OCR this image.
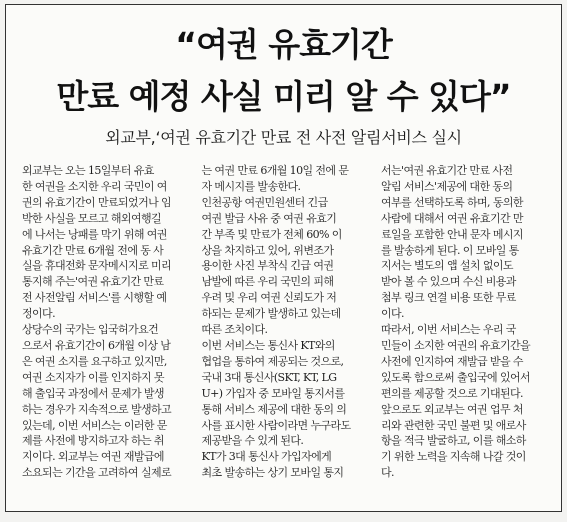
“여권 유효기간
만료 예정 사실 미리 알 수 있다”
외교부,‘여권 유효기간 만료 전 사전 알림서비스 실시

외교부는 오는 15일부터 유효
한 여권을 소지한 우리 국민이 여
권의 유효기간이 만료되었거나 임
박한 사실을 모르고 해외여행길
에 나서는 낭패를 막기 위해 여권
유효기간 만료 6개월 전에 동 사
실을 휴대전화 문자메시지로 미리
통지해 주는'여권 유효기간 만료
전 사전알림 서비스'를 시행할 예
정이다.

상당수의 국가는 입국허가요건
으로서 유효기간이 6개월 이상 남
은 여권 소지를 요구하고 있지만,
여권 소지자가 이를 인지하지 못
해 출입국 과정에서 문제가 발생
하는 경우가 지속적으로 발생하고
있는데, 이번 서비스는 이러한 문
제를 사전에 방지하고자 하는 취
지이다. 외교부는 여권 재발급에
소요되는 기간을 고려하여 실제로

는 여권 만료 6개월 10일 전에 문
자 메시지를 발송한다.

인천공항 여권민원센터 긴급
여권 발급 사유 중 여권 유효기
간 부족 및 만료가 전체 60% 이
상을 차지하고 있어, 위변조가
용이한 사진 부착식 긴급 여권
남발에 따른 우리 국민의 피해
우려 및 우리 여권 신뢰도가 저
하되는 문제가 발생하고 있는데
따른 조치이다.

이번 서비스는 통신사 KT와의
협업을 통하여 제공되는 것으로,
국내 3대 통신사(SKT, KT, LG
U+) 가입자 중 모바일 통지서를
통해 서비스 제공에 대한 동의 의
사를 표시한 사람이라면 누구라도
제공받을 수 있게 된다.

KT가 3대 통신사 가입자에게
최초 발송하는 상기 모바일 통지

서는'여권 유효기간 만료 사전
알림 서비스'제공에 대한 동의
여부를 선택하도록 하며, 동의한
사람에 대해서 여권 유효기간 만
료일을 포함한 안내 문자 메시지
를 발송하게 된다. 이 모바일 통
지서는 별도의 앱 설치 없이도
받아 볼 수 있으며 수신 비용과
첨부 링크 연결 비용 또한 무료
이다.

따라서, 이번 서비스는 우리 국
민들이 소지한 여권의 유효기간을
사전에 인지하여 재발급 받을 수
있도록 함으로써 출입국에 있어서
편의를 제공할 것으로 기대된다.
앞으로도 외교부는 여권 업무 처
리와 관련한 국민 불편 및 애로사
항을 적극 발굴하고, 이를 해소하
기 위한 노력을 지속해 나갈 것이
다.
